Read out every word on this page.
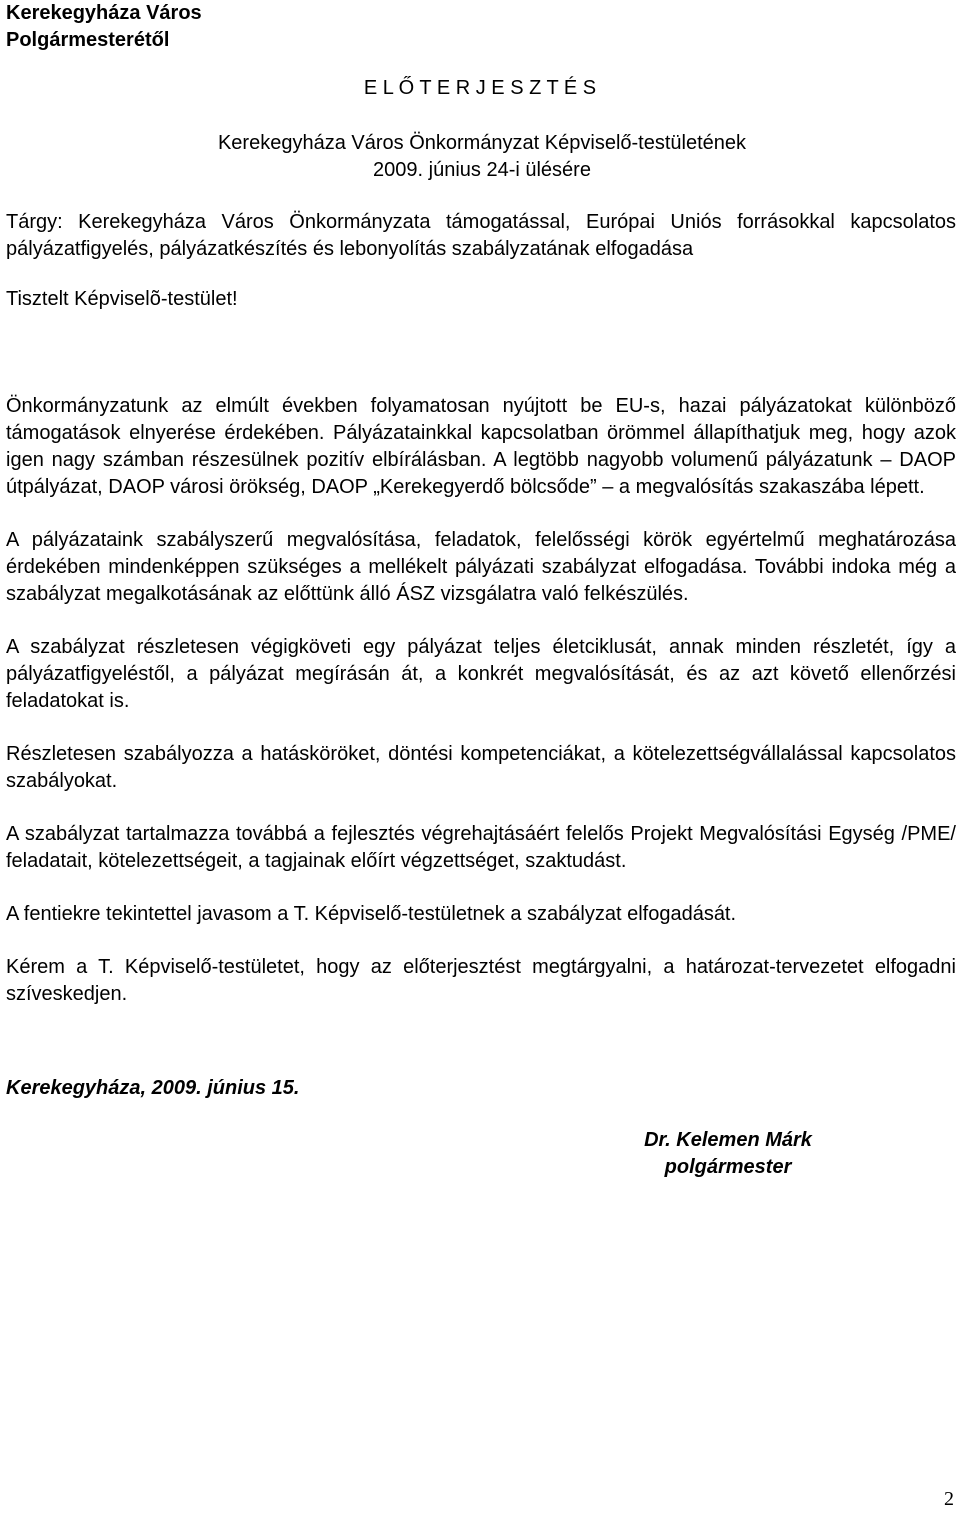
Kerekegyháza Város
Polgármesterétől
E L Ő T E R J E S Z T É S
Kerekegyháza Város Önkormányzat Képviselő-testületének
2009. június 24-i ülésére
Tárgy: Kerekegyháza Város Önkormányzata támogatással, Európai Uniós forrásokkal kapcsolatos pályázatfigyelés, pályázatkészítés és lebonyolítás szabályzatának elfogadása
Tisztelt Képviselõ-testület!

Önkormányzatunk az elmúlt években folyamatosan nyújtott be EU-s, hazai pályázatokat különböző támogatások elnyerése érdekében. Pályázatainkkal kapcsolatban örömmel állapíthatjuk meg, hogy azok igen nagy számban részesülnek pozitív elbírálásban. A legtöbb nagyobb volumenű pályázatunk – DAOP útpályázat, DAOP városi örökség, DAOP „Kerekegyerdő bölcsőde” – a megvalósítás szakaszába lépett.

A pályázataink szabályszerű megvalósítása, feladatok, felelősségi körök egyértelmű meghatározása érdekében mindenképpen szükséges a mellékelt pályázati szabályzat elfogadása. További indoka még a szabályzat megalkotásának az előttünk álló ÁSZ vizsgálatra való felkészülés.

A szabályzat részletesen végigköveti egy pályázat teljes életciklusát, annak minden részletét, így a pályázatfigyeléstől, a pályázat megírásán át, a konkrét megvalósítását, és az azt követő ellenőrzési feladatokat is.

Részletesen szabályozza a hatásköröket, döntési kompetenciákat, a kötelezettségvállalással kapcsolatos szabályokat.

A szabályzat tartalmazza továbbá a fejlesztés végrehajtásáért felelős Projekt Megvalósítási Egység /PME/ feladatait, kötelezettségeit, a tagjainak előírt végzettséget, szaktudást.

A fentiekre tekintettel javasom a T. Képviselő-testületnek a szabályzat elfogadását.

Kérem a T. Képviselő-testületet, hogy az előterjesztést megtárgyalni, a határozat-tervezetet elfogadni szíveskedjen.

Kerekegyháza, 2009. június 15.
Dr. Kelemen Márk
polgármester
2
